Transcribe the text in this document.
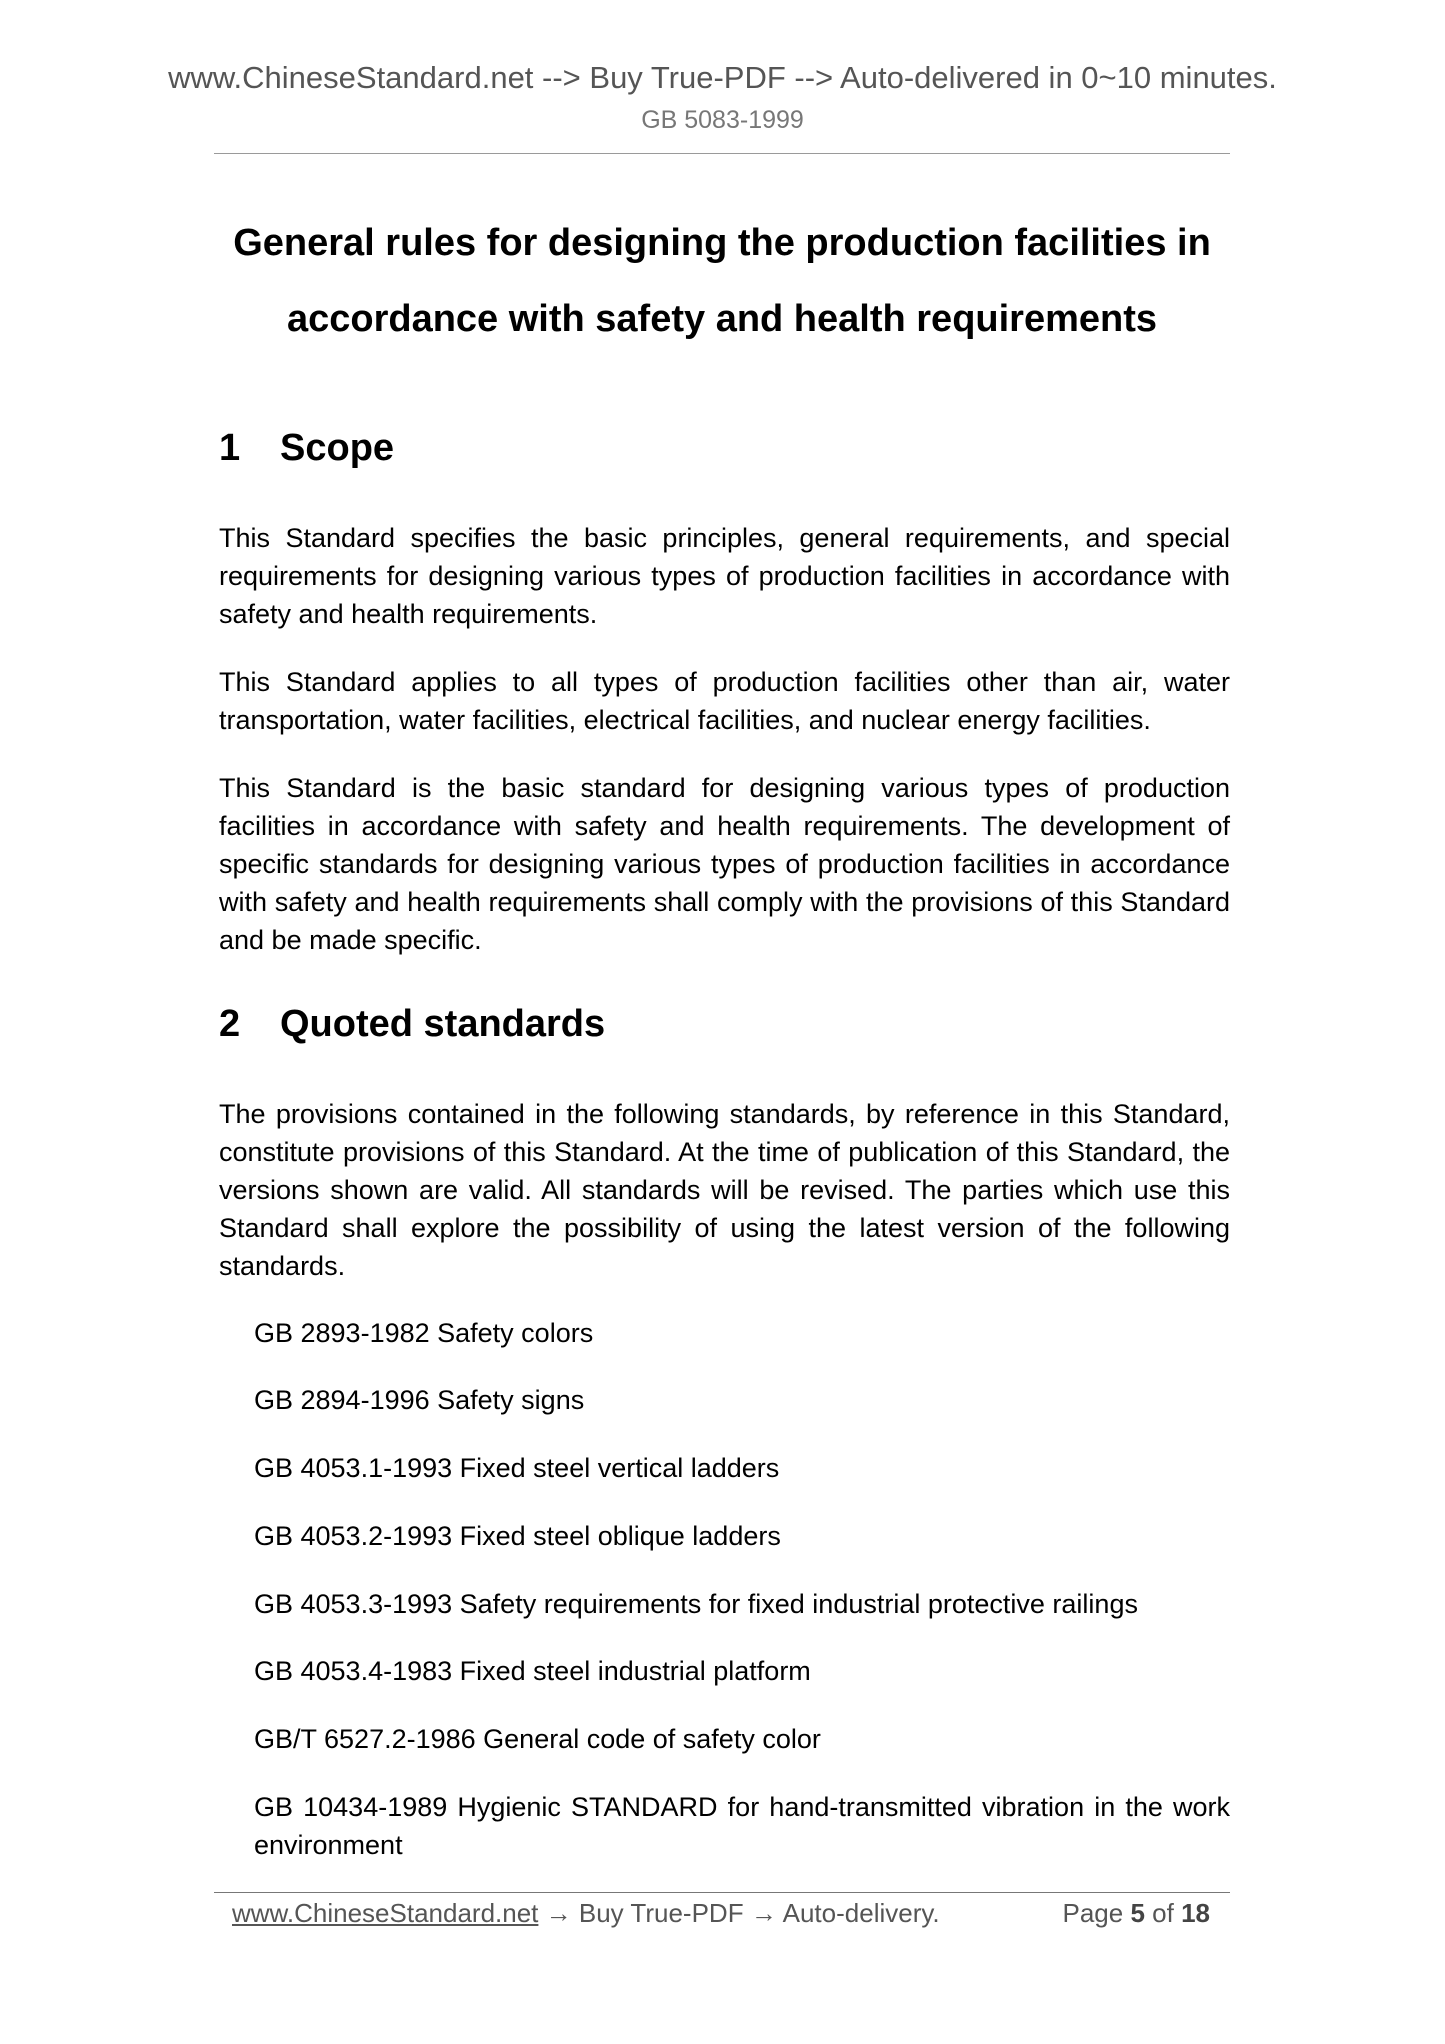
www.ChineseStandard.net --> Buy True-PDF --> Auto-delivered in 0~10 minutes.
GB 5083-1999
General rules for designing the production facilities in
accordance with safety and health requirements
1 Scope

This Standard specifies the basic principles, general requirements, and special requirements for designing various types of production facilities in accordance with safety and health requirements.

This Standard applies to all types of production facilities other than air, water transportation, water facilities, electrical facilities, and nuclear energy facilities.

This Standard is the basic standard for designing various types of production facilities in accordance with safety and health requirements. The development of specific standards for designing various types of production facilities in accordance with safety and health requirements shall comply with the provisions of this Standard and be made specific.

2 Quoted standards

The provisions contained in the following standards, by reference in this Standard, constitute provisions of this Standard. At the time of publication of this Standard, the versions shown are valid. All standards will be revised. The parties which use this Standard shall explore the possibility of using the latest version of the following standards.

GB 2893-1982 Safety colors

GB 2894-1996 Safety signs

GB 4053.1-1993 Fixed steel vertical ladders

GB 4053.2-1993 Fixed steel oblique ladders

GB 4053.3-1993 Safety requirements for fixed industrial protective railings

GB 4053.4-1983 Fixed steel industrial platform

GB/T 6527.2-1986 General code of safety color

GB 10434-1989 Hygienic STANDARD for hand-transmitted vibration in the work environment

www.ChineseStandard.net → Buy True-PDF → Auto-delivery.	Page 5 of 18
